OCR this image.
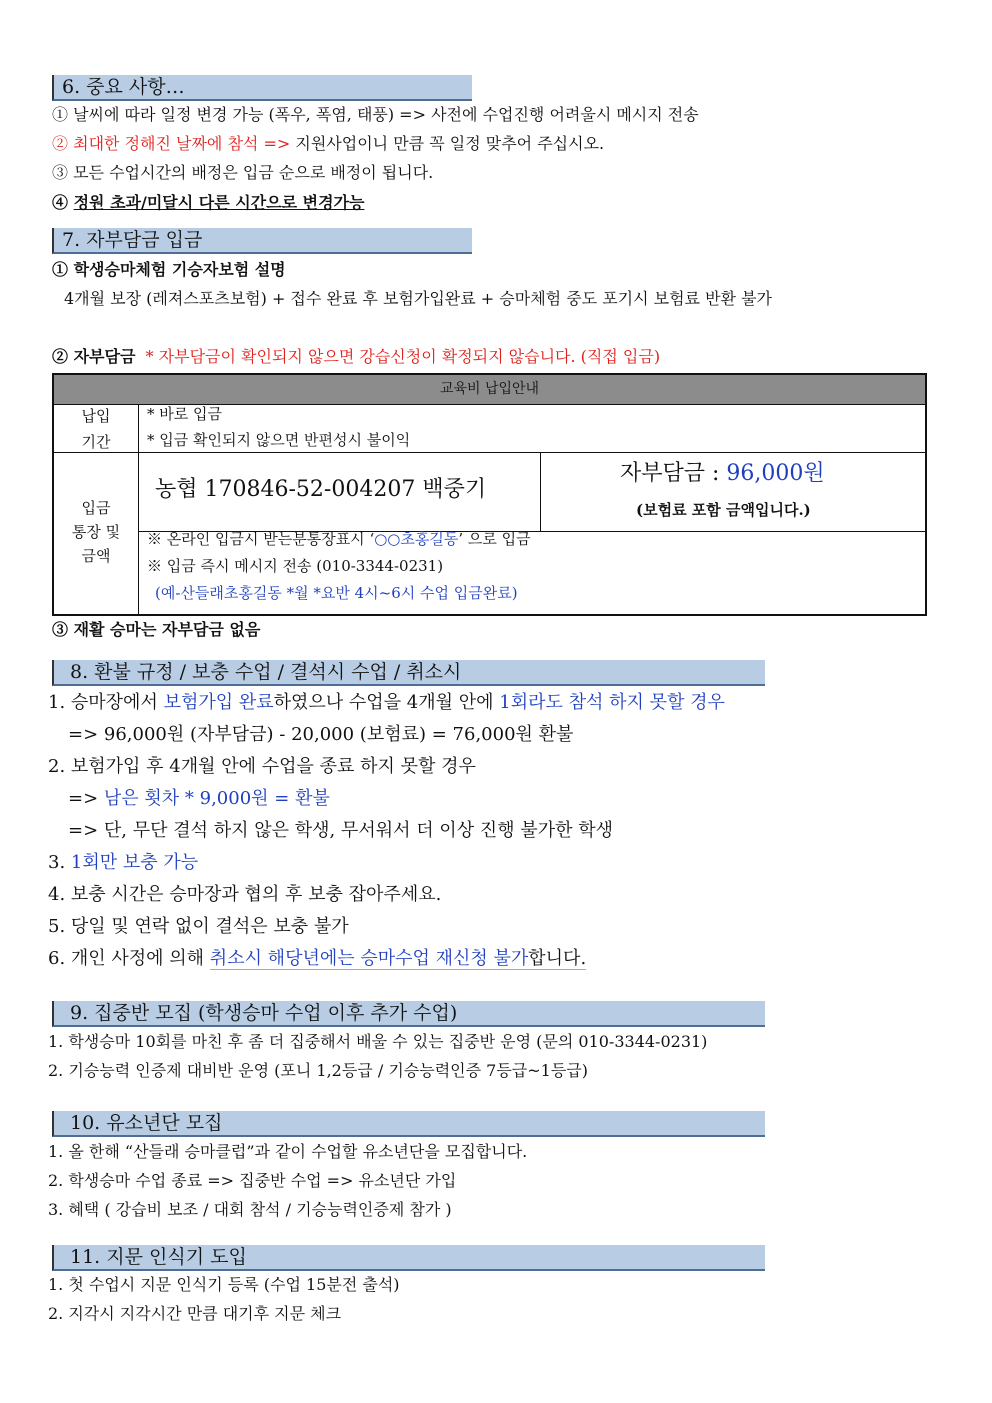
6. 중요 사항…
① 날씨에 따라 일정 변경 가능 (폭우, 폭염, 태풍) => 사전에 수업진행 어려울시 메시지 전송
② 최대한 정해진 날짜에 참석 => 지원사업이니 만큼 꼭 일정 맞추어 주십시오.
③ 모든 수업시간의 배정은 입금 순으로 배정이 됩니다.
④ 정원 초과/미달시 다른 시간으로 변경가능
7. 자부담금 입금
① 학생승마체험 기승자보험 설명
4개월 보장 (레져스포츠보험) + 접수 완료 후 보험가입완료 + 승마체험 중도 포기시 보험료 반환 불가
② 자부담금 * 자부담금이 확인되지 않으면 강습신청이 확정되지 않습니다. (직접 입금)
교육비 납입안내
납입
기간
* 바로 입금
* 입금 확인되지 않으면 반편성시 불이익
입금
통장 및
금액
농협 170846-52-004207 백중기
자부담금 : 96,000원
(보험료 포함 금액입니다.)
※ 온라인 입금시 받는분통장표시 ‘○○초홍길동’ 으로 입금
※ 입금 즉시 메시지 전송 (010-3344-0231)
(예-산들래초홍길동 *월 *요반 4시~6시 수업 입금완료)
③ 재활 승마는 자부담금 없음
8. 환불 규정 / 보충 수업 / 결석시 수업 / 취소시
1. 승마장에서 보험가입 완료하였으나 수업을 4개월 안에 1회라도 참석 하지 못할 경우
=> 96,000원 (자부담금) - 20,000 (보험료) = 76,000원 환불
2. 보험가입 후 4개월 안에 수업을 종료 하지 못할 경우
=> 남은 횟차 * 9,000원 = 환불
=> 단, 무단 결석 하지 않은 학생, 무서워서 더 이상 진행 불가한 학생
3. 1회만 보충 가능
4. 보충 시간은 승마장과 협의 후 보충 잡아주세요.
5. 당일 및 연락 없이 결석은 보충 불가
6. 개인 사정에 의해 취소시 해당년에는 승마수업 재신청 불가합니다.
9. 집중반 모집 (학생승마 수업 이후 추가 수업)
1. 학생승마 10회를 마친 후 좀 더 집중해서 배울 수 있는 집중반 운영 (문의 010-3344-0231)
2. 기승능력 인증제 대비반 운영 (포니 1,2등급 / 기승능력인증 7등급~1등급)
10. 유소년단 모집
1. 올 한해 “산들래 승마클럽”과 같이 수업할 유소년단을 모집합니다.
2. 학생승마 수업 종료 => 집중반 수업 => 유소년단 가입
3. 혜택 ( 강습비 보조 / 대회 참석 / 기승능력인증제 참가 )
11. 지문 인식기 도입
1. 첫 수업시 지문 인식기 등록 (수업 15분전 출석)
2. 지각시 지각시간 만큼 대기후 지문 체크
